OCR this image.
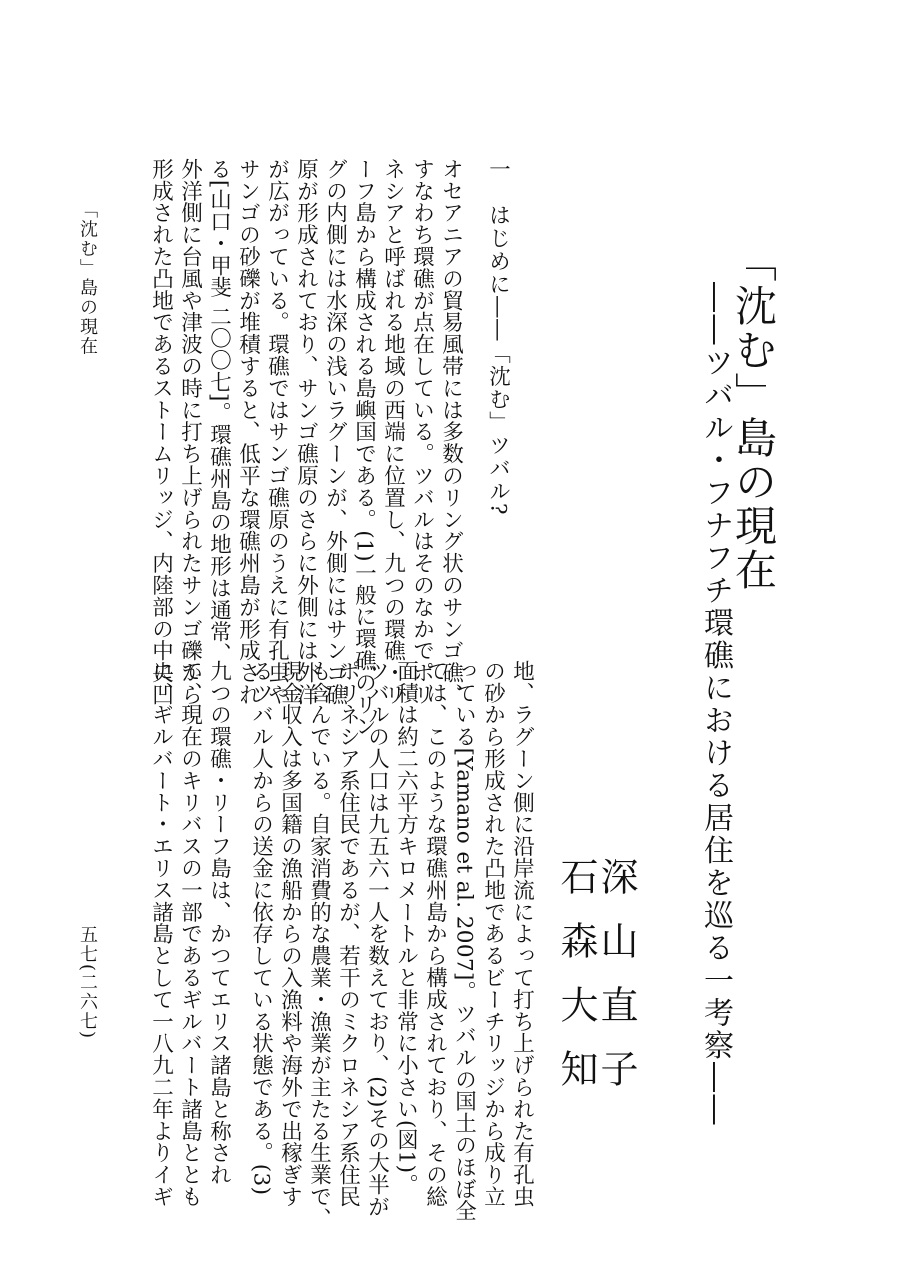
「沈む」島の現在
――ツバル・フナフチ環礁における居住を巡る一考察――
深山直子
石森大知
一　はじめに――「沈む」ツバル?
オセアニアの貿易風帯には多数のリング状のサンゴ礁、
すなわち環礁が点在している。ツバルはそのなかでポリ
ネシアと呼ばれる地域の西端に位置し、九つの環礁・リ
ーフ島から構成される島嶼国である。(1)一般に環礁のリン
グの内側には水深の浅いラグーンが、外側にはサンゴ礁
原が形成されており、サンゴ礁原のさらに外側には外洋
が広がっている。環礁ではサンゴ礁原のうえに有孔虫や
サンゴの砂礫が堆積すると、低平な環礁州島が形成され
る[山口・甲斐 二〇〇七]。環礁州島の地形は通常、
外洋側に台風や津波の時に打ち上げられたサンゴ礫から
形成された凸地であるストームリッジ、内陸部の中央凹
地、ラグーン側に沿岸流によって打ち上げられた有孔虫
の砂から形成された凸地であるビーチリッジから成り立
っている[Yamano et al. 2007]。ツバルの国土のほぼ全
ては、このような環礁州島から構成されており、その総
面積は約二六平方キロメートルと非常に小さい(図1)。
ツバルの人口は九五六一人を数えており、(2)その大半が
ポリネシア系住民であるが、若干のミクロネシア系住民
も含んでいる。自家消費的な農業・漁業が主たる生業で、
現金収入は多国籍の漁船からの入漁料や海外で出稼ぎす
るツバル人からの送金に依存している状態である。(3)
九つの環礁・リーフ島は、かつてエリス諸島と称され
て、現在のキリバスの一部であるギルバート諸島ととも
に、ギルバート・エリス諸島として一八九二年よりイギ
「沈む」島の現在
五七(二六七)
